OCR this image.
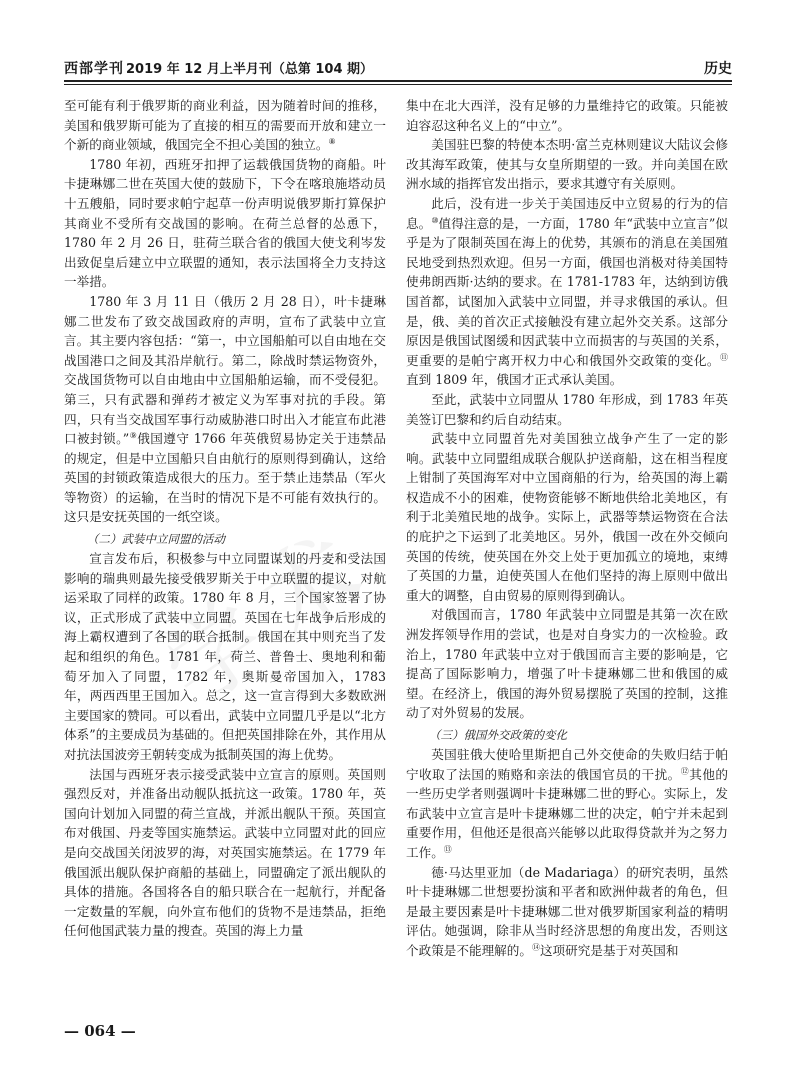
西部学刊 2019 年 12 月上半月刊（总第 104 期）	历史

至可能有利于俄罗斯的商业利益，因为随着时间的推移，美国和俄罗斯可能为了直接的相互的需要而开放和建立一个新的商业领域，俄国完全不担心美国的独立。⑧

1780 年初，西班牙扣押了运载俄国货物的商船。叶卡捷琳娜二世在英国大使的鼓励下，下令在喀琅施塔动员十五艘船，同时要求帕宁起草一份声明说俄罗斯打算保护其商业不受所有交战国的影响。在荷兰总督的怂恿下，1780 年 2 月 26 日，驻荷兰联合省的俄国大使戈利岑发出致促皇后建立中立联盟的通知，表示法国将全力支持这一举措。

1780 年 3 月 11 日（俄历 2 月 28 日），叶卡捷琳娜二世发布了致交战国政府的声明，宣布了武装中立宣言。其主要内容包括：“第一，中立国船舶可以自由地在交战国港口之间及其沿岸航行。第二，除战时禁运物资外，交战国货物可以自由地由中立国船舶运输，而不受侵犯。第三，只有武器和弹药才被定义为军事对抗的手段。第四，只有当交战国军事行动威胁港口时出入才能宣布此港口被封锁。”⑨俄国遵守 1766 年英俄贸易协定关于违禁品的规定，但是中立国船只自由航行的原则得到确认，这给英国的封锁政策造成很大的压力。至于禁止违禁品（军火等物资）的运输，在当时的情况下是不可能有效执行的。这只是安抚英国的一纸空谈。

（二）武装中立同盟的活动

宣言发布后，积极参与中立同盟谋划的丹麦和受法国影响的瑞典则最先接受俄罗斯关于中立联盟的提议，对航运采取了同样的政策。1780 年 8 月，三个国家签署了协议，正式形成了武装中立同盟。英国在七年战争后形成的海上霸权遭到了各国的联合抵制。俄国在其中则充当了发起和组织的角色。1781 年，荷兰、普鲁士、奥地利和葡萄牙加入了同盟，1782 年，奥斯曼帝国加入，1783 年，两西西里王国加入。总之，这一宣言得到大多数欧洲主要国家的赞同。可以看出，武装中立同盟几乎是以“北方体系”的主要成员为基础的。但把英国排除在外，其作用从对抗法国波旁王朝转变成为抵制英国的海上优势。

法国与西班牙表示接受武装中立宣言的原则。英国则强烈反对，并准备出动舰队抵抗这一政策。1780 年，英国向计划加入同盟的荷兰宣战，并派出舰队干预。英国宣布对俄国、丹麦等国实施禁运。武装中立同盟对此的回应是向交战国关闭波罗的海，对英国实施禁运。在 1779 年俄国派出舰队保护商船的基础上，同盟确定了派出舰队的具体的措施。各国将各自的船只联合在一起航行，并配备一定数量的军舰，向外宣布他们的货物不是违禁品，拒绝任何他国武装力量的搜查。英国的海上力量

集中在北大西洋，没有足够的力量维持它的政策。只能被迫容忍这种名义上的“中立”。

美国驻巴黎的特使本杰明·富兰克林则建议大陆议会修改其海军政策，使其与女皇所期望的一致。并向美国在欧洲水域的指挥官发出指示，要求其遵守有关原则。

此后，没有进一步关于美国违反中立贸易的行为的信息。⑩值得注意的是，一方面，1780 年“武装中立宣言”似乎是为了限制英国在海上的优势，其颁布的消息在美国殖民地受到热烈欢迎。但另一方面，俄国也消极对待美国特使弗朗西斯·达纳的要求。在 1781-1783 年，达纳到访俄国首都，试图加入武装中立同盟，并寻求俄国的承认。但是，俄、美的首次正式接触没有建立起外交关系。这部分原因是俄国试图缓和因武装中立而损害的与英国的关系，更重要的是帕宁离开权力中心和俄国外交政策的变化。⑪直到 1809 年，俄国才正式承认美国。

至此，武装中立同盟从 1780 年形成，到 1783 年英美签订巴黎和约后自动结束。

武装中立同盟首先对美国独立战争产生了一定的影响。武装中立同盟组成联合舰队护送商船，这在相当程度上钳制了英国海军对中立国商船的行为，给英国的海上霸权造成不小的困难，使物资能够不断地供给北美地区，有利于北美殖民地的战争。实际上，武器等禁运物资在合法的庇护之下运到了北美地区。另外，俄国一改在外交倾向英国的传统，使英国在外交上处于更加孤立的境地，束缚了英国的力量，迫使英国人在他们坚持的海上原则中做出重大的调整，自由贸易的原则得到确认。

对俄国而言，1780 年武装中立同盟是其第一次在欧洲发挥领导作用的尝试，也是对自身实力的一次检验。政治上，1780 年武装中立对于俄国而言主要的影响是，它提高了国际影响力，增强了叶卡捷琳娜二世和俄国的威望。在经济上，俄国的海外贸易摆脱了英国的控制，这推动了对外贸易的发展。

（三）俄国外交政策的变化

英国驻俄大使哈里斯把自己外交使命的失败归结于帕宁收取了法国的贿赂和亲法的俄国官员的干扰。⑫其他的一些历史学者则强调叶卡捷琳娜二世的野心。实际上，发布武装中立宣言是叶卡捷琳娜二世的决定，帕宁并未起到重要作用，但他还是很高兴能够以此取得贷款并为之努力工作。⑬

德·马达里亚加（de Madariaga）的研究表明，虽然叶卡捷琳娜二世想要扮演和平者和欧洲仲裁者的角色，但是最主要因素是叶卡捷琳娜二世对俄罗斯国家利益的精明评估。她强调，除非从当时经济思想的角度出发，否则这个政策是不能理解的。⑭这项研究是基于对英国和

— 064 —
